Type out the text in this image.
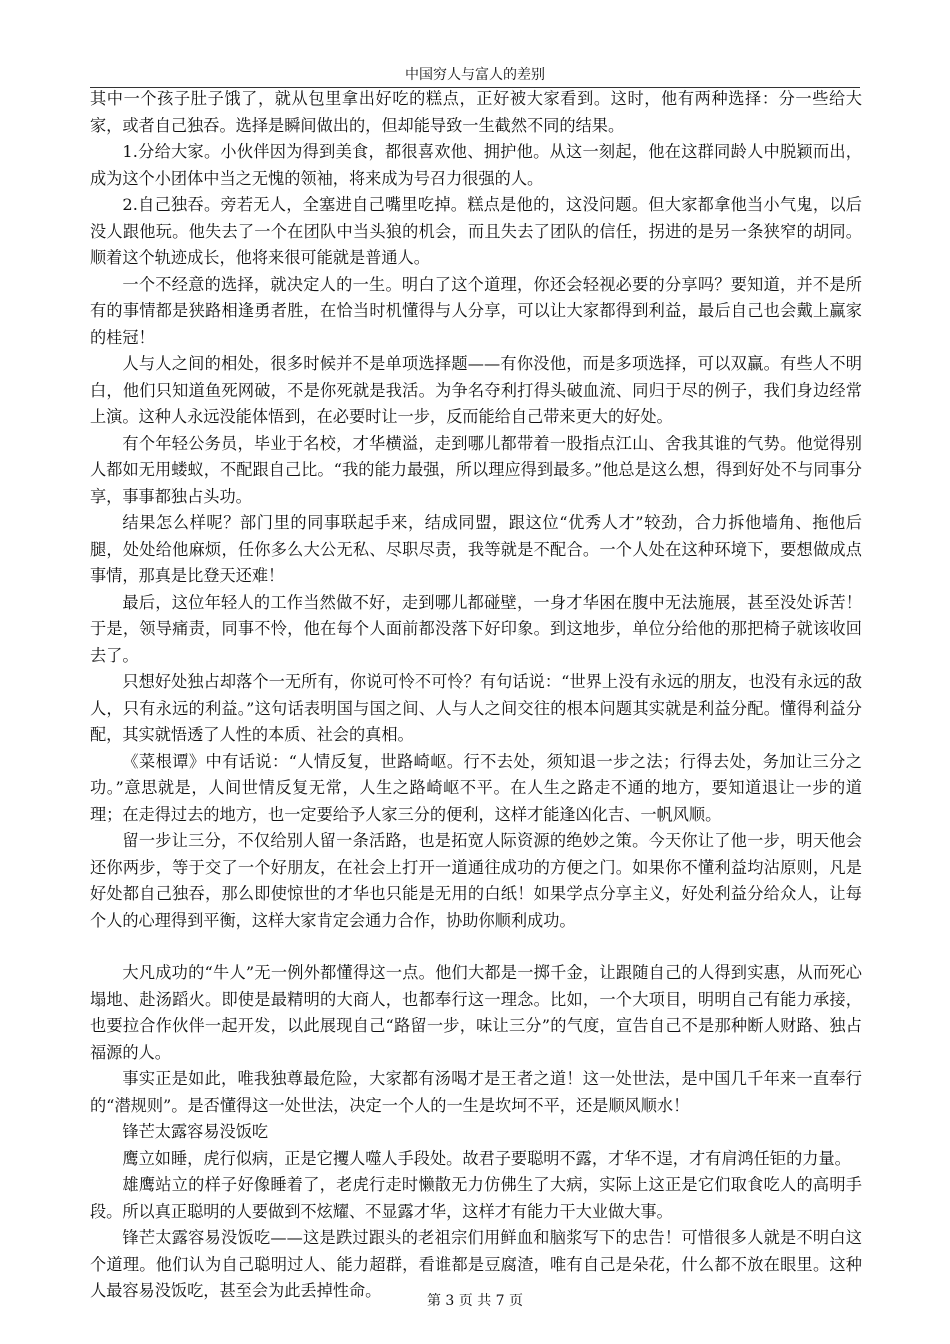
中国穷人与富人的差别

其中一个孩子肚子饿了，就从包里拿出好吃的糕点，正好被大家看到。这时，他有两种选择：分一些给大家，或者自己独吞。选择是瞬间做出的，但却能导致一生截然不同的结果。

1.分给大家。小伙伴因为得到美食，都很喜欢他、拥护他。从这一刻起，他在这群同龄人中脱颖而出，成为这个小团体中当之无愧的领袖，将来成为号召力很强的人。

2.自己独吞。旁若无人，全塞进自己嘴里吃掉。糕点是他的，这没问题。但大家都拿他当小气鬼，以后没人跟他玩。他失去了一个在团队中当头狼的机会，而且失去了团队的信任，拐进的是另一条狭窄的胡同。顺着这个轨迹成长，他将来很可能就是普通人。

一个不经意的选择，就决定人的一生。明白了这个道理，你还会轻视必要的分享吗？要知道，并不是所有的事情都是狭路相逢勇者胜，在恰当时机懂得与人分享，可以让大家都得到利益，最后自己也会戴上赢家的桂冠！

人与人之间的相处，很多时候并不是单项选择题——有你没他，而是多项选择，可以双赢。有些人不明白，他们只知道鱼死网破，不是你死就是我活。为争名夺利打得头破血流、同归于尽的例子，我们身边经常上演。这种人永远没能体悟到，在必要时让一步，反而能给自己带来更大的好处。

有个年轻公务员，毕业于名校，才华横溢，走到哪儿都带着一股指点江山、舍我其谁的气势。他觉得别人都如无用蝼蚁，不配跟自己比。“我的能力最强，所以理应得到最多。”他总是这么想，得到好处不与同事分享，事事都独占头功。

结果怎么样呢？部门里的同事联起手来，结成同盟，跟这位“优秀人才”较劲，合力拆他墙角、拖他后腿，处处给他麻烦，任你多么大公无私、尽职尽责，我等就是不配合。一个人处在这种环境下，要想做成点事情，那真是比登天还难！

最后，这位年轻人的工作当然做不好，走到哪儿都碰壁，一身才华困在腹中无法施展，甚至没处诉苦！于是，领导痛责，同事不怜，他在每个人面前都没落下好印象。到这地步，单位分给他的那把椅子就该收回去了。

只想好处独占却落个一无所有，你说可怜不可怜？有句话说：“世界上没有永远的朋友，也没有永远的敌人，只有永远的利益。”这句话表明国与国之间、人与人之间交往的根本问题其实就是利益分配。懂得利益分配，其实就悟透了人性的本质、社会的真相。

《菜根谭》中有话说：“人情反复，世路崎岖。行不去处，须知退一步之法；行得去处，务加让三分之功。”意思就是，人间世情反复无常，人生之路崎岖不平。在人生之路走不通的地方，要知道退让一步的道理；在走得过去的地方，也一定要给予人家三分的便利，这样才能逢凶化吉、一帆风顺。

留一步让三分，不仅给别人留一条活路，也是拓宽人际资源的绝妙之策。今天你让了他一步，明天他会还你两步，等于交了一个好朋友，在社会上打开一道通往成功的方便之门。如果你不懂利益均沾原则，凡是好处都自己独吞，那么即使惊世的才华也只能是无用的白纸！如果学点分享主义，好处利益分给众人，让每个人的心理得到平衡，这样大家肯定会通力合作，协助你顺利成功。

大凡成功的“牛人”无一例外都懂得这一点。他们大都是一掷千金，让跟随自己的人得到实惠，从而死心塌地、赴汤蹈火。即使是最精明的大商人，也都奉行这一理念。比如，一个大项目，明明自己有能力承接，也要拉合作伙伴一起开发，以此展现自己“路留一步，味让三分”的气度，宣告自己不是那种断人财路、独占福源的人。

事实正是如此，唯我独尊最危险，大家都有汤喝才是王者之道！这一处世法，是中国几千年来一直奉行的“潜规则”。是否懂得这一处世法，决定一个人的一生是坎坷不平，还是顺风顺水！

锋芒太露容易没饭吃

鹰立如睡，虎行似病，正是它攫人噬人手段处。故君子要聪明不露，才华不逞，才有肩鸿任钜的力量。

雄鹰站立的样子好像睡着了，老虎行走时懒散无力仿佛生了大病，实际上这正是它们取食吃人的高明手段。所以真正聪明的人要做到不炫耀、不显露才华，这样才有能力干大业做大事。

锋芒太露容易没饭吃——这是跌过跟头的老祖宗们用鲜血和脑浆写下的忠告！可惜很多人就是不明白这个道理。他们认为自己聪明过人、能力超群，看谁都是豆腐渣，唯有自己是朵花，什么都不放在眼里。这种人最容易没饭吃，甚至会为此丢掉性命。

第 3 页 共 7 页
